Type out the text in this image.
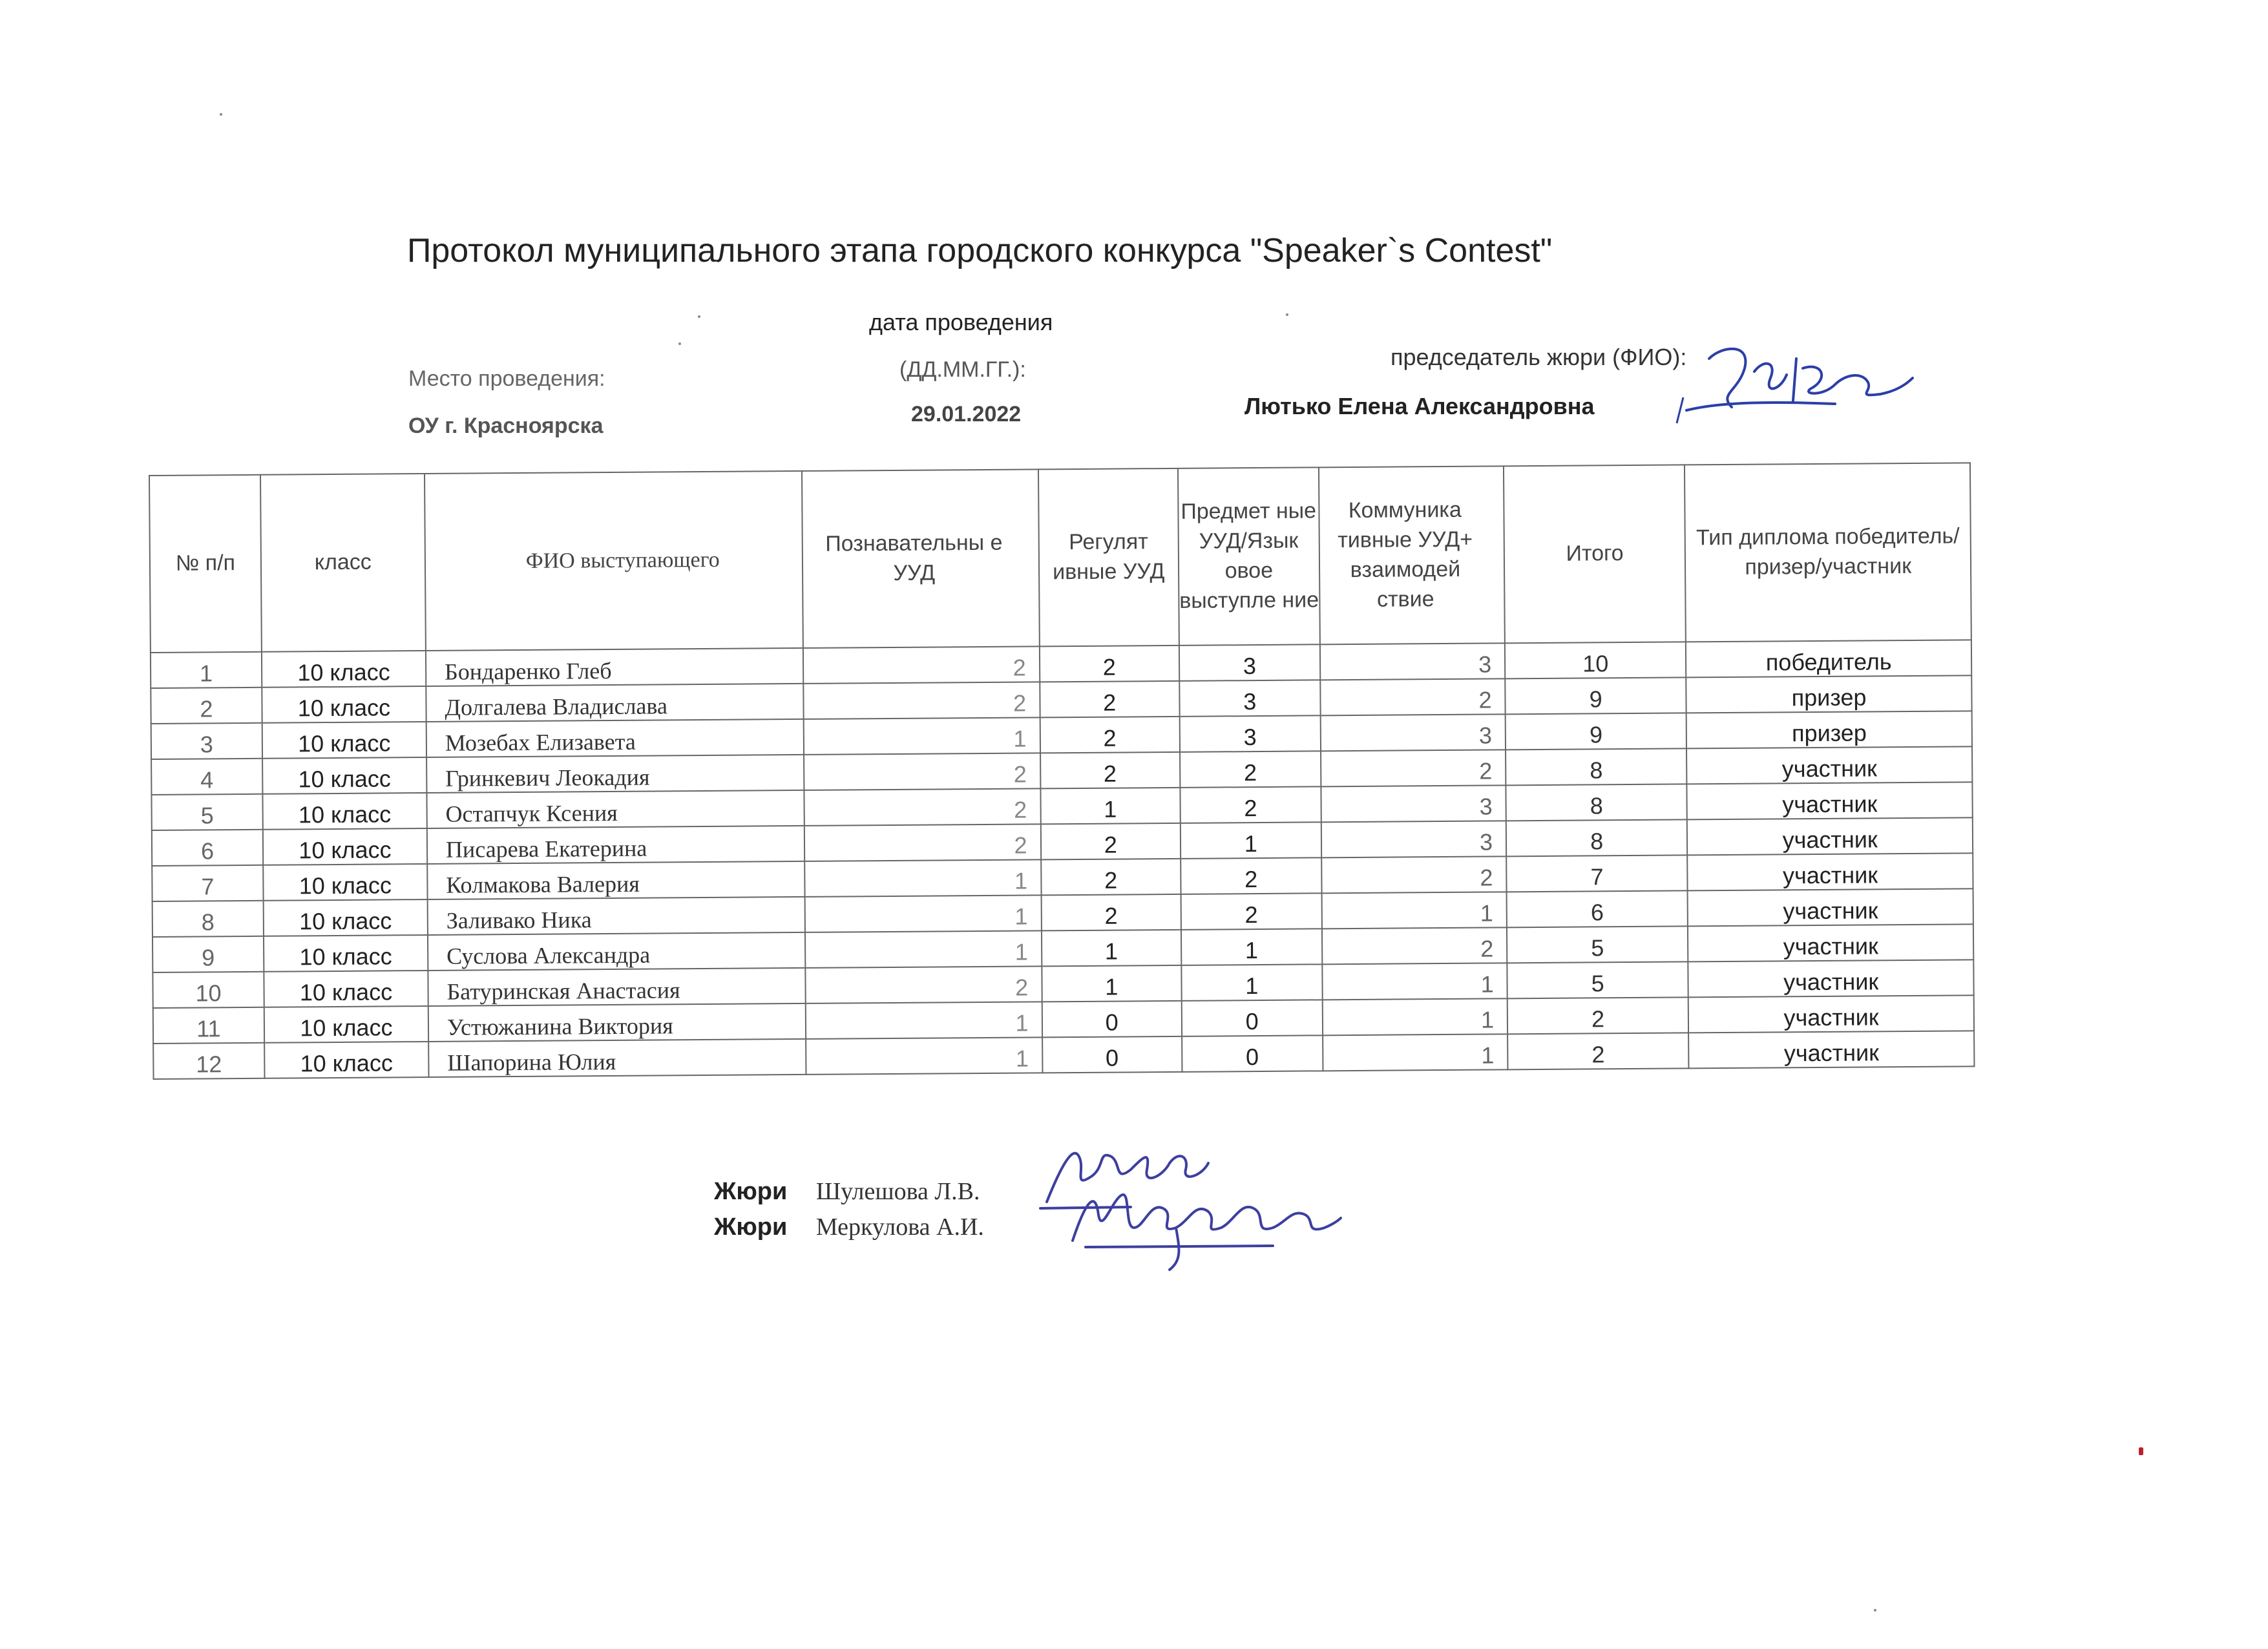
Протокол муниципального этапа городского конкурса "Speaker`s Contest"
дата проведения
(ДД.ММ.ГГ.):
29.01.2022
Место проведения:
ОУ г. Красноярска
председатель жюри (ФИО):
Лютько Елена Александровна
№ п/п	класс	ФИО выступающего	Познавательны е УУД	Регулят ивные УУД	Предмет ные УУД/Язык овое выступле ние	Коммуника тивные УУД+ взаимодей ствие	Итого	Тип диплома победитель/ призер/участник
1	10 класс	Бондаренко Глеб	2	2	3	3	10	победитель
2	10 класс	Долгалева Владислава	2	2	3	2	9	призер
3	10 класс	Мозебах Елизавета	1	2	3	3	9	призер
4	10 класс	Гринкевич Леокадия	2	2	2	2	8	участник
5	10 класс	Остапчук Ксения	2	1	2	3	8	участник
6	10 класс	Писарева Екатерина	2	2	1	3	8	участник
7	10 класс	Колмакова Валерия	1	2	2	2	7	участник
8	10 класс	Заливако Ника	1	2	2	1	6	участник
9	10 класс	Суслова Александра	1	1	1	2	5	участник
10	10 класс	Батуринская Анастасия	2	1	1	1	5	участник
11	10 класс	Устюжанина Виктория	1	0	0	1	2	участник
12	10 класс	Шапорина Юлия	1	0	0	1	2	участник
Жюри Шулешова Л.В.
Жюри Меркулова А.И.
